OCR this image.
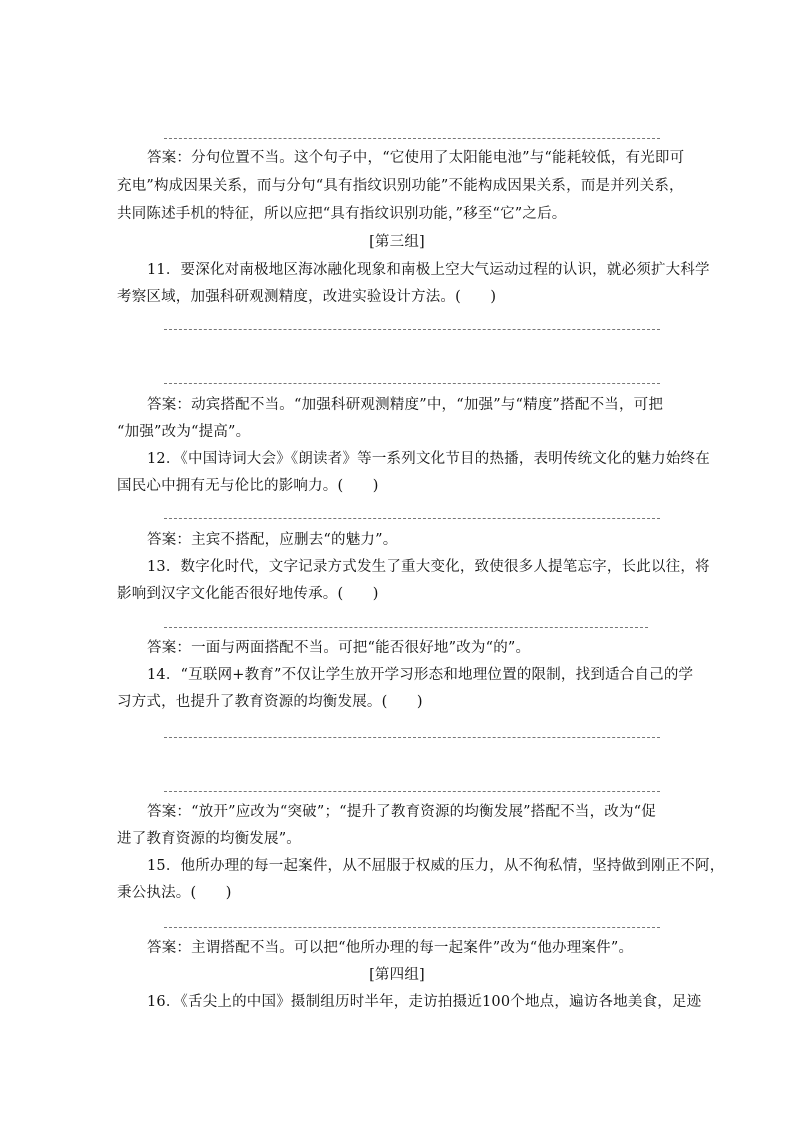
答案：分句位置不当。这个句子中，“它使用了太阳能电池”与“能耗较低，有光即可
充电”构成因果关系，而与分句“具有指纹识别功能”不能构成因果关系，而是并列关系，
共同陈述手机的特征，所以应把“具有指纹识别功能，”移至“它”之后。
[第三组]
11．要深化对南极地区海冰融化现象和南极上空大气运动过程的认识，就必须扩大科学
考察区域，加强科研观测精度，改进实验设计方法。(　　)
答案：动宾搭配不当。“加强科研观测精度”中，“加强”与“精度”搭配不当，可把
“加强”改为“提高”。
12．《中国诗词大会》《朗读者》等一系列文化节目的热播，表明传统文化的魅力始终在
国民心中拥有无与伦比的影响力。(　　)
答案：主宾不搭配，应删去“的魅力”。
13．数字化时代，文字记录方式发生了重大变化，致使很多人提笔忘字，长此以往，将
影响到汉字文化能否很好地传承。(　　)
答案：一面与两面搭配不当。可把“能否很好地”改为“的”。
14．“互联网+教育”不仅让学生放开学习形态和地理位置的限制，找到适合自己的学
习方式，也提升了教育资源的均衡发展。(　　)
答案：“放开”应改为“突破”；“提升了教育资源的均衡发展”搭配不当，改为“促
进了教育资源的均衡发展”。
15．他所办理的每一起案件，从不屈服于权威的压力，从不徇私情，坚持做到刚正不阿，
秉公执法。(　　)
答案：主谓搭配不当。可以把“他所办理的每一起案件”改为“他办理案件”。
[第四组]
16．《舌尖上的中国》摄制组历时半年，走访拍摄近100个地点，遍访各地美食，足迹
